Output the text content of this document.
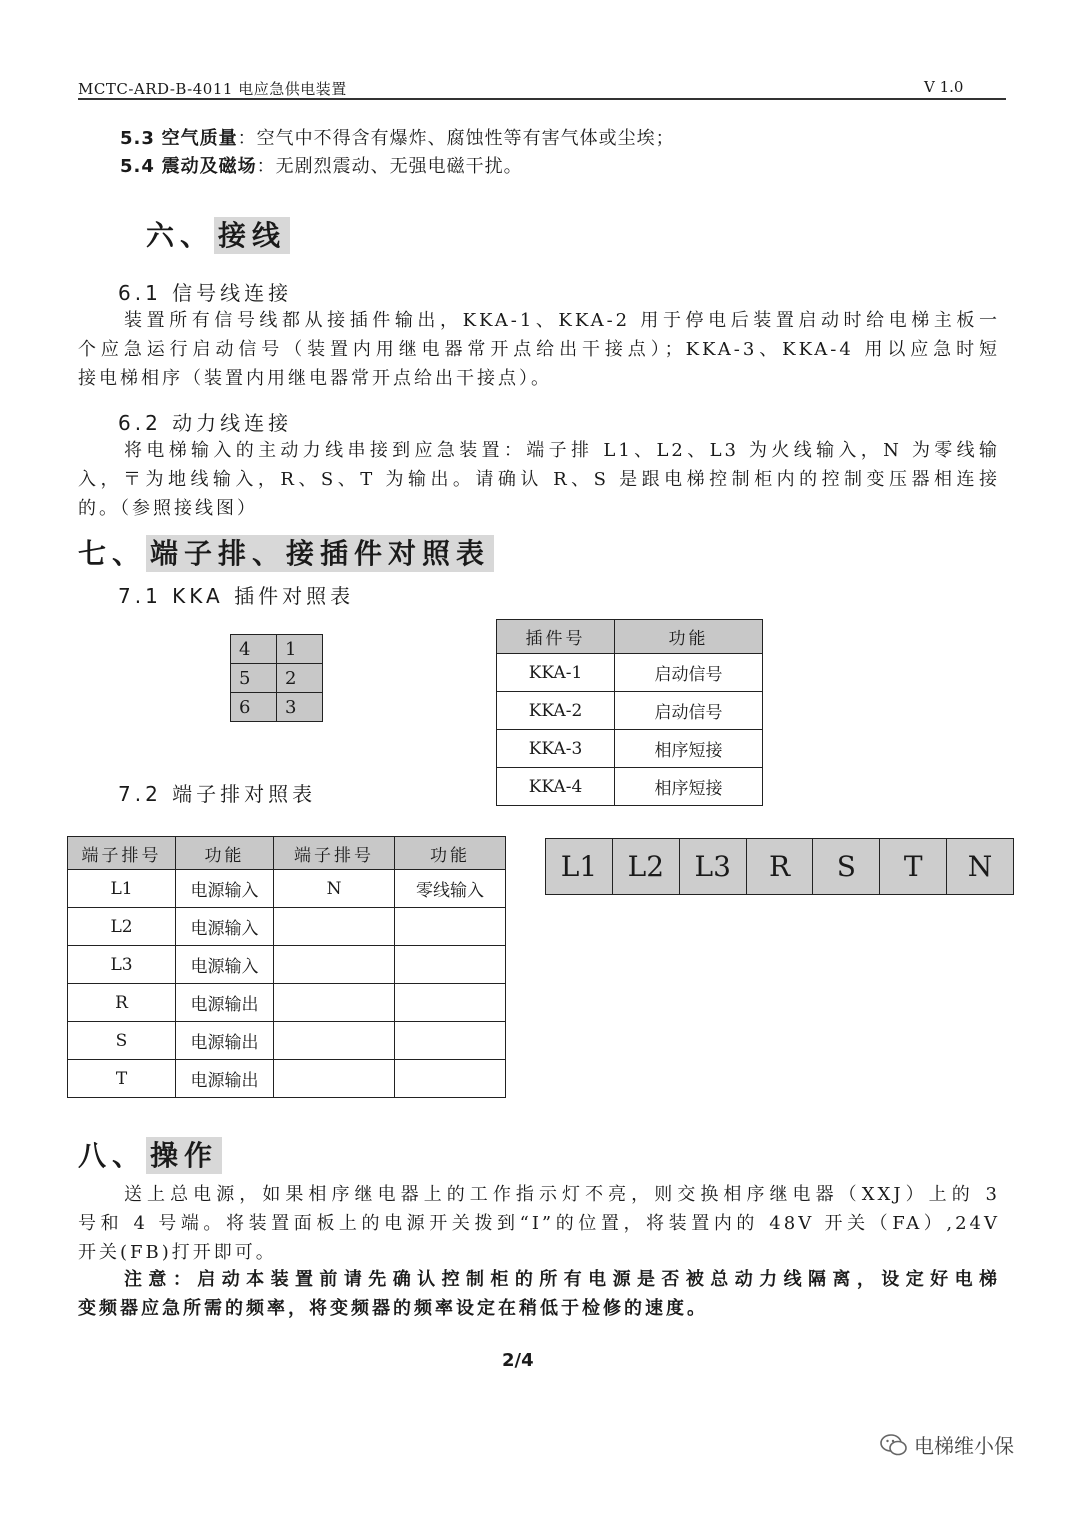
MCTC-ARD-B-4011 电应急供电装置	V 1.0
5.3 空气质量：空气中不得含有爆炸、腐蚀性等有害气体或尘埃；
5.4 震动及磁场：无剧烈震动、无强电磁干扰。
六、 接线
6.1 信号线连接
装置所有信号线都从接插件输出，KKA-1、KKA-2 用于停电后装置启动时给电梯主板一
个应急运行启动信号（装置内用继电器常开点给出干接点）；KKA-3、KKA-4 用以应急时短
接电梯相序（装置内用继电器常开点给出干接点）。
6.2 动力线连接
将电梯输入的主动力线串接到应急装置：端子排 L1、L2、L3 为火线输入，N 为零线输
入，〒为地线输入，R、S、T 为输出。请确认 R、S 是跟电梯控制柜内的控制变压器相连接
的。（参照接线图）
七、 端子排、接插件对照表
7.1 KKA 插件对照表
4	1
5	2
6	3
插件号	功能
KKA-1	启动信号
KKA-2	启动信号
KKA-3	相序短接
KKA-4	相序短接
7.2 端子排对照表
端子排号	功能	端子排号	功能
L1	电源输入	N	零线输入
L2	电源输入		
L3	电源输入		
R	电源输出		
S	电源输出		
T	电源输出		
L1	L2	L3	R	S	T	N
八、 操作
送上总电源，如果相序继电器上的工作指示灯不亮，则交换相序继电器（XXJ）上的 3
号和 4 号端。将装置面板上的电源开关拨到“I”的位置，将装置内的 48V 开关（FA）,24V
开关(FB)打开即可。
注意：启动本装置前请先确认控制柜的所有电源是否被总动力线隔离，设定好电梯
变频器应急所需的频率，将变频器的频率设定在稍低于检修的速度。
2/4
电梯维小保
